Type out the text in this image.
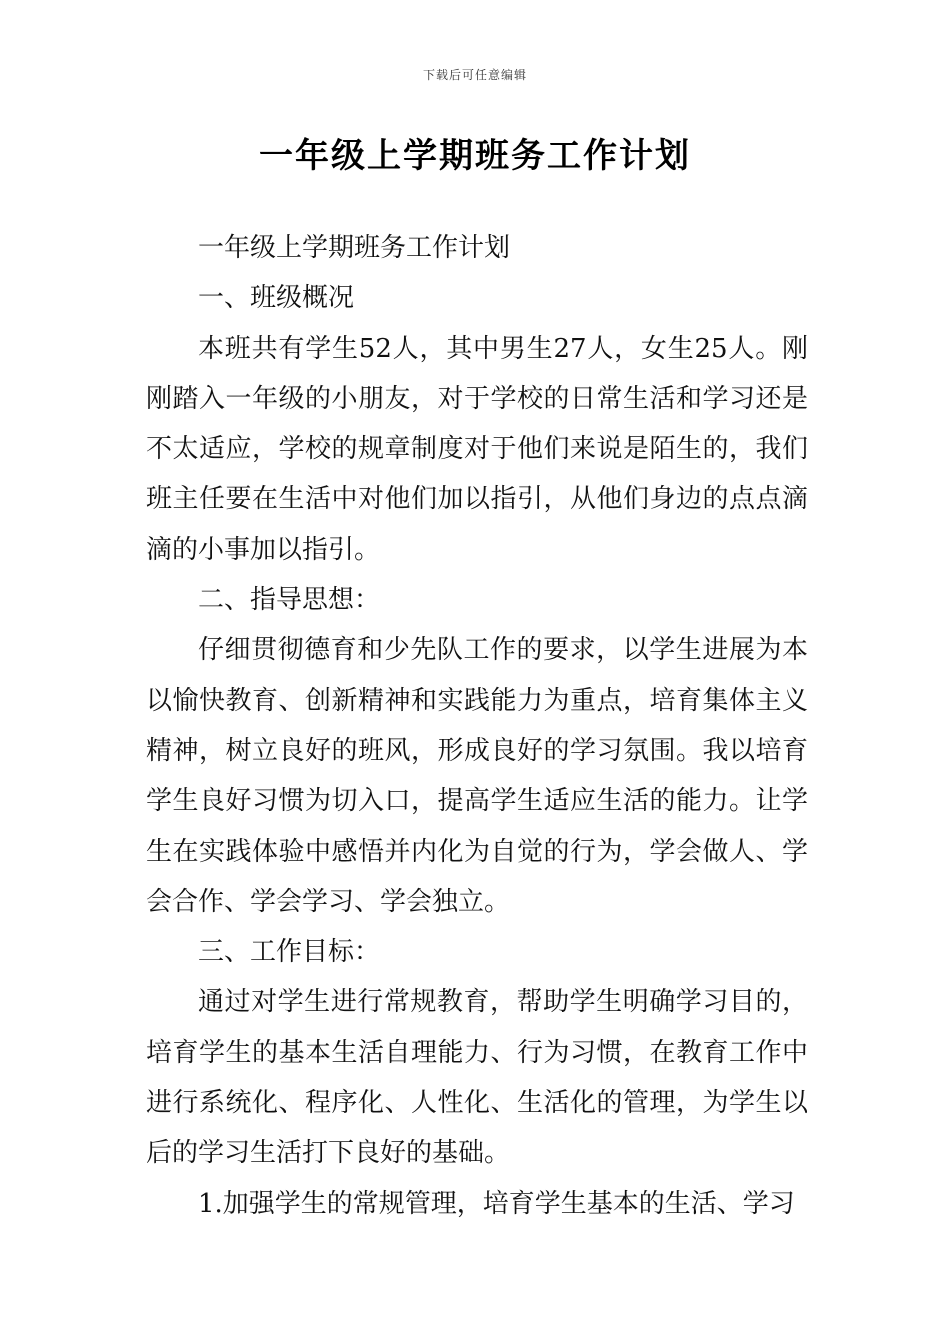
下载后可任意编辑
一年级上学期班务工作计划

一年级上学期班务工作计划

一、班级概况

本班共有学生52人，其中男生27人，女生25人。刚刚踏入一年级的小朋友，对于学校的日常生活和学习还是不太适应，学校的规章制度对于他们来说是陌生的，我们班主任要在生活中对他们加以指引，从他们身边的点点滴滴的小事加以指引。

二、指导思想：

仔细贯彻德育和少先队工作的要求，以学生进展为本以愉快教育、创新精神和实践能力为重点，培育集体主义精神，树立良好的班风，形成良好的学习氛围。我以培育学生良好习惯为切入口，提高学生适应生活的能力。让学生在实践体验中感悟并内化为自觉的行为，学会做人、学会合作、学会学习、学会独立。

三、工作目标：

通过对学生进行常规教育，帮助学生明确学习目的，培育学生的基本生活自理能力、行为习惯，在教育工作中进行系统化、程序化、人性化、生活化的管理，为学生以后的学习生活打下良好的基础。

1.加强学生的常规管理，培育学生基本的生活、学习
